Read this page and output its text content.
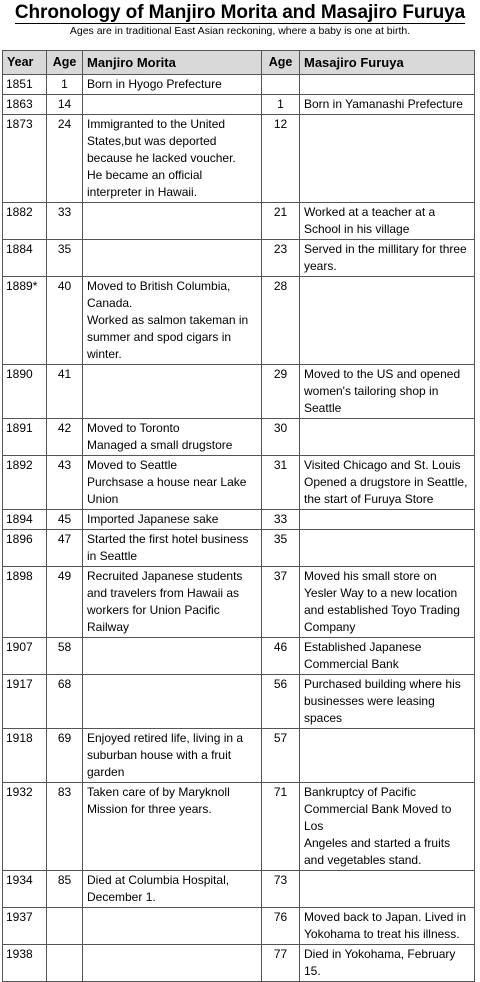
Chronology of Manjiro Morita and Masajiro Furuya
Ages are in traditional East Asian reckoning, where a baby is one at birth.
Year	Age	Manjiro Morita	Age	Masajiro Furuya
1851	1	Born in Hyogo Prefecture		
1863	14		1	Born in Yamanashi Prefecture
1873	24	Immigranted to the United
States,but was deported
because he lacked voucher.
He became an official
interpreter in Hawaii.	12	
1882	33		21	Worked at a teacher at a
School in his village
1884	35		23	Served in the millitary for three
years.
1889*	40	Moved to British Columbia,
Canada.
Worked as salmon takeman in
summer and spod cigars in
winter.	28	
1890	41		29	Moved to the US and opened
women's tailoring shop in
Seattle
1891	42	Moved to Toronto
Managed a small drugstore	30	
1892	43	Moved to Seattle
Purchsase a house near Lake
Union	31	Visited Chicago and St. Louis
Opened a drugstore in Seattle,
the start of Furuya Store
1894	45	Imported Japanese sake	33	
1896	47	Started the first hotel business
in Seattle	35	
1898	49	Recruited Japanese students
and travelers from Hawaii as
workers for Union Pacific
Railway	37	Moved his small store on
Yesler Way to a new location
and established Toyo Trading
Company
1907	58		46	Established Japanese
Commercial Bank
1917	68		56	Purchased building where his
businesses were leasing spaces
1918	69	Enjoyed retired life, living in a
suburban house with a fruit
garden	57	
1932	83	Taken care of by Maryknoll
Mission for three years.	71	Bankruptcy of Pacific
Commercial Bank Moved to Los
Angeles and started a fruits
and vegetables stand.
1934	85	Died at Columbia Hospital,
December 1.	73	
1937			76	Moved back to Japan. Lived in
Yokohama to treat his illness.
1938			77	Died in Yokohama, February
15.
